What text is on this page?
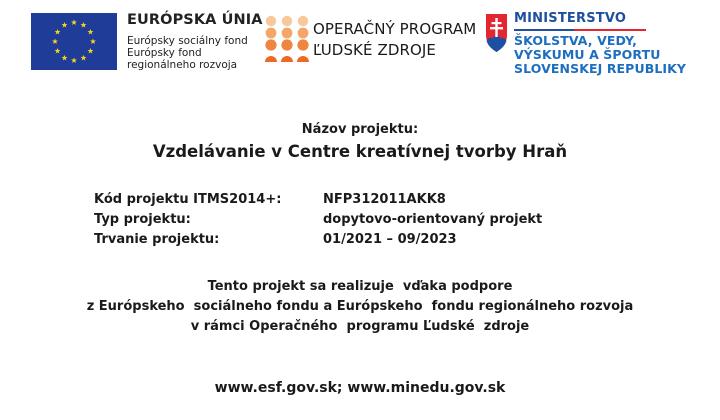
EURÓPSKA ÚNIA
Európsky sociálny fond
Európsky fond
regionálneho rozvoja
OPERAČNÝ PROGRAM
ĽUDSKÉ ZDROJE
MINISTERSTVO
ŠKOLSTVA, VEDY,
VÝSKUMU A ŠPORTU
SLOVENSKEJ REPUBLIKY
Názov projektu:
Vzdelávanie v Centre kreatívnej tvorby Hraň
Kód projektu ITMS2014+:	NFP312011AKK8
Typ projektu:	dopytovo-orientovaný projekt
Trvanie projektu:	01/2021 – 09/2023
Tento projekt sa realizuje  vďaka podpore
z Európskeho  sociálneho fondu a Európskeho  fondu regionálneho rozvoja
v rámci Operačného  programu Ľudské  zdroje
www.esf.gov.sk; www.minedu.gov.sk
